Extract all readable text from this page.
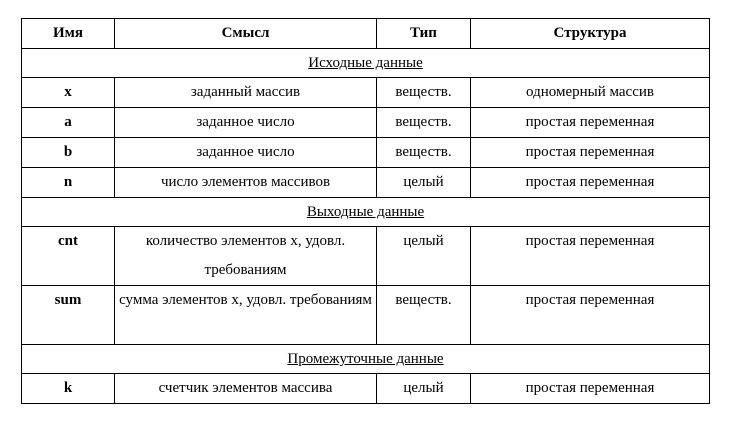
Имя	Смысл	Тип	Структура
Исходные данные			
x	заданный массив	веществ.	одномерный массив
a	заданное число	веществ.	простая переменная
b	заданное число	веществ.	простая переменная
n	число элементов массивов	целый	простая переменная
Выходные данные			
cnt	количество элементов x, удовл. требованиям	целый	простая переменная
sum	сумма элементов x, удовл. требованиям	веществ.	простая переменная
Промежуточные данные			
k	счетчик элементов массива	целый	простая переменная
